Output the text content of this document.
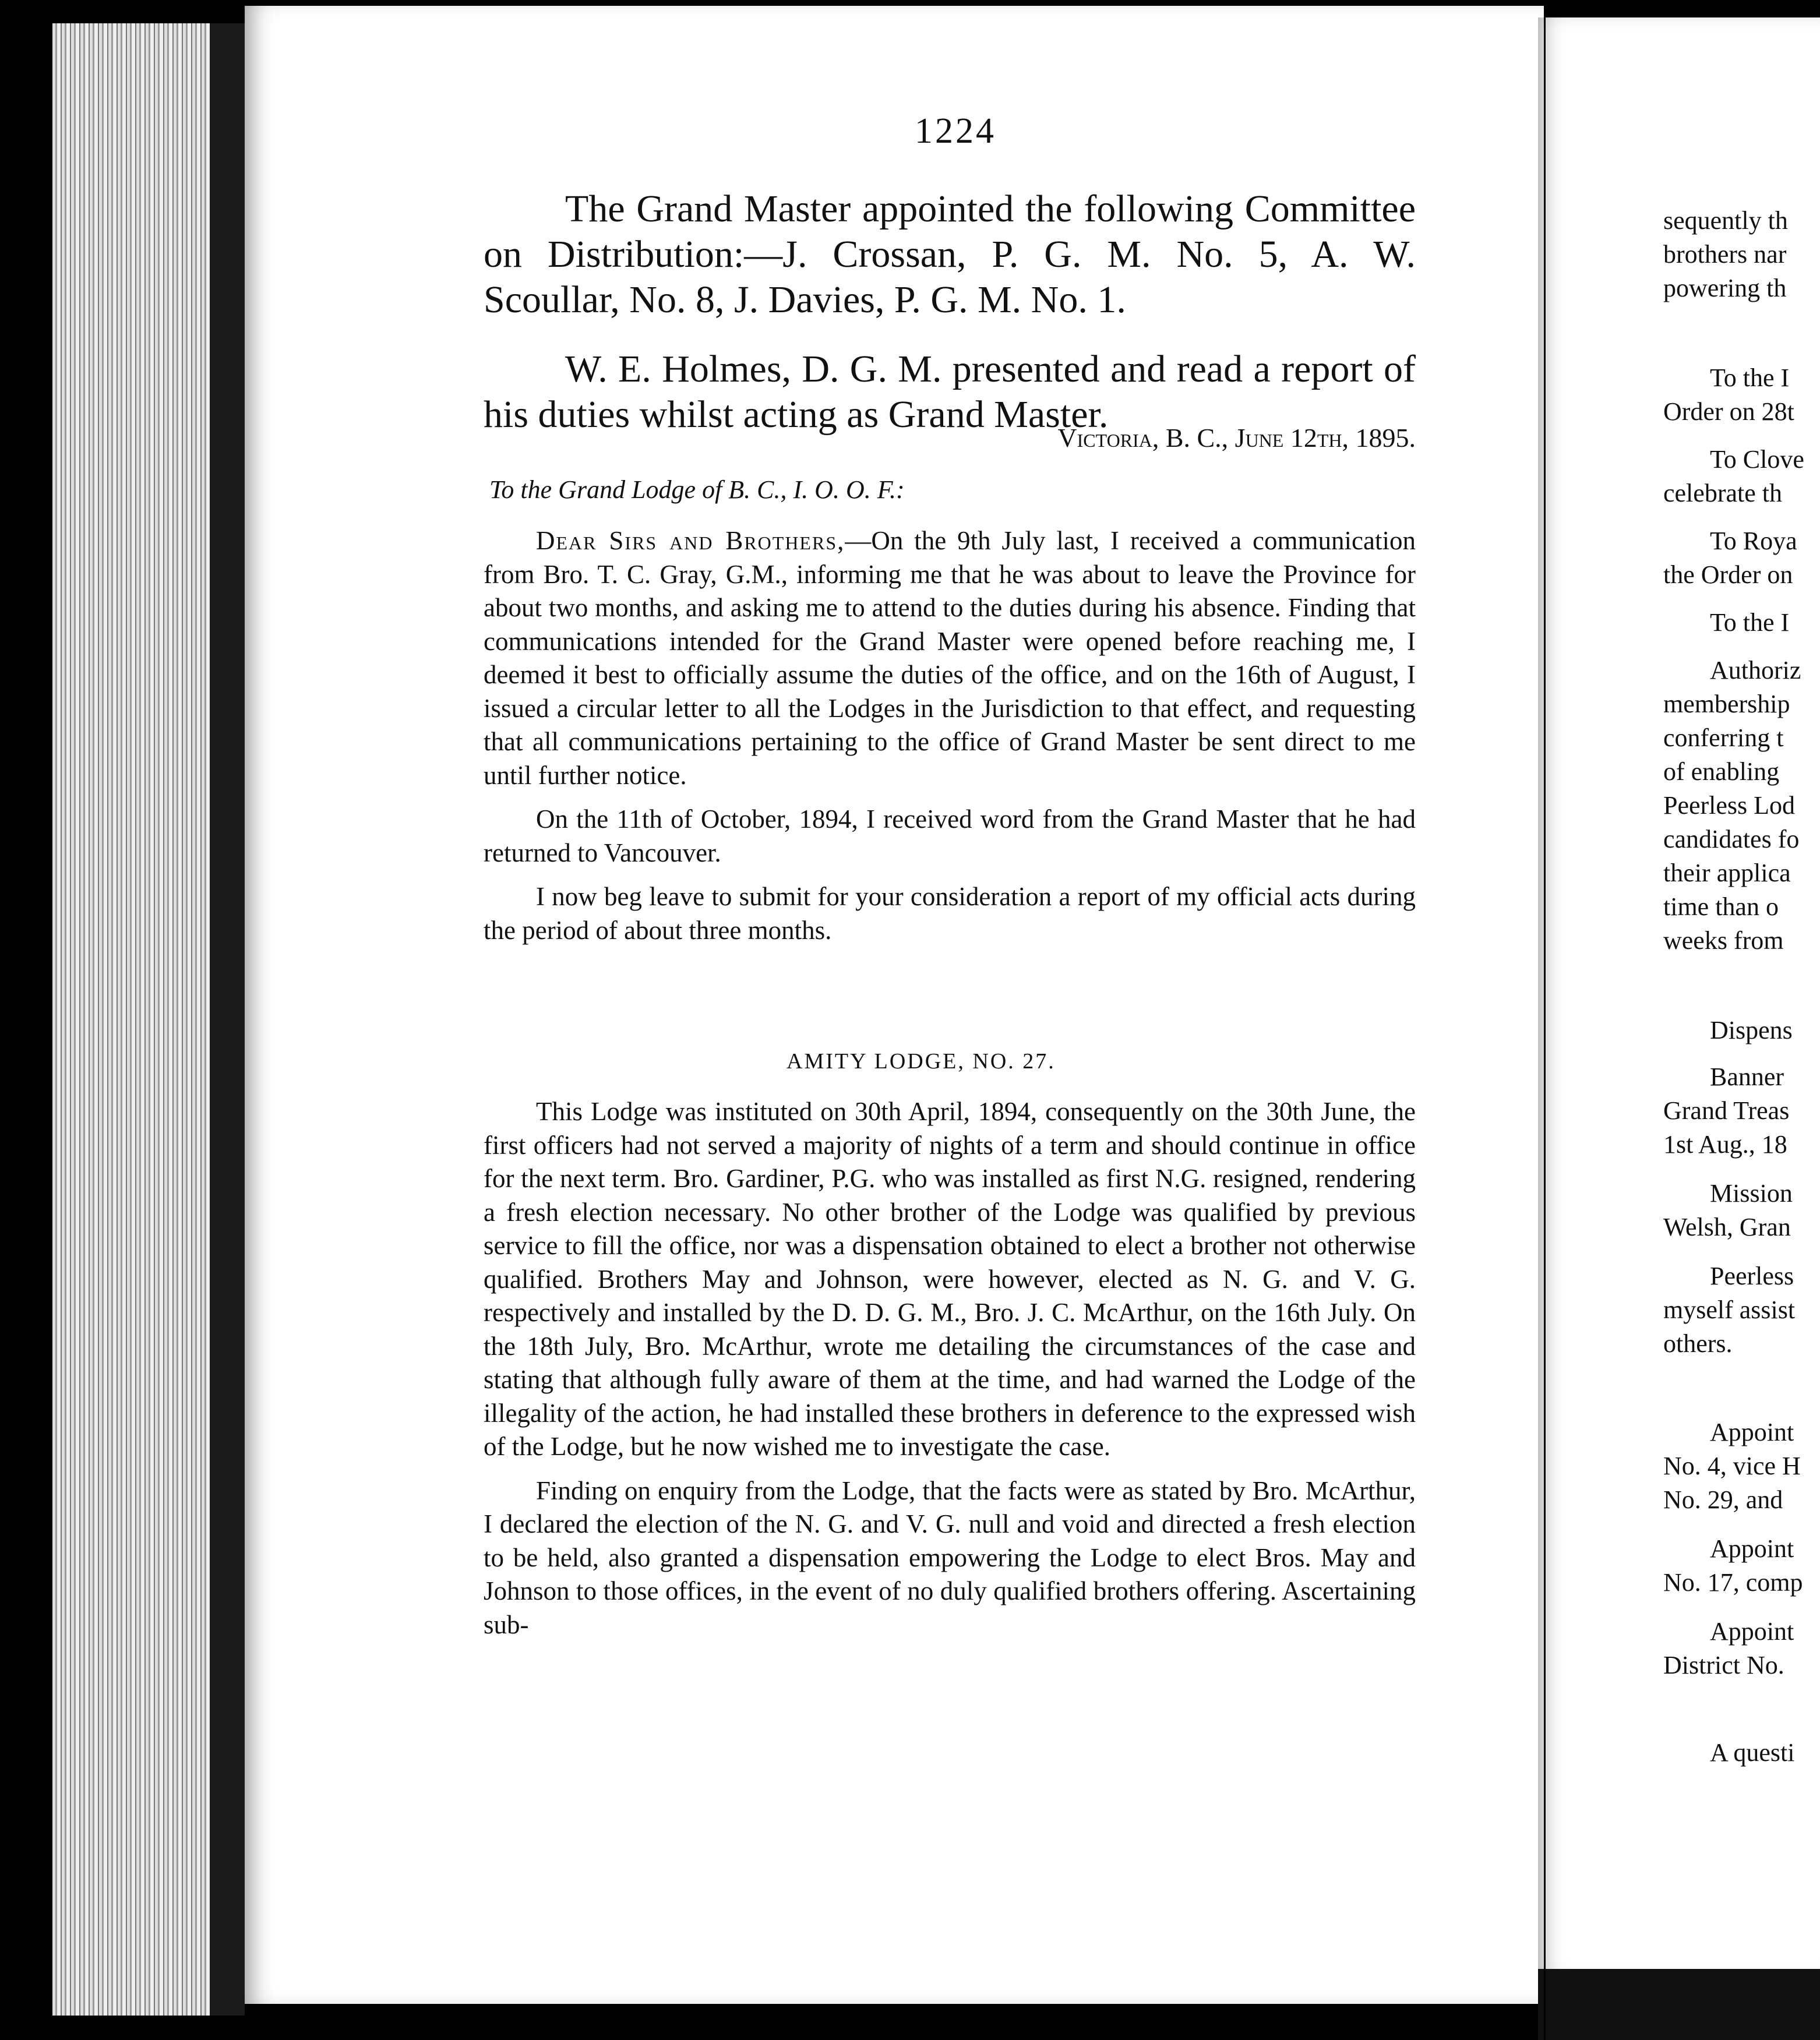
1224
The Grand Master appointed the following Committee on Distribution:—J. Crossan, P. G. M. No. 5, A. W. Scoullar, No. 8, J. Davies, P. G. M. No. 1.
W. E. Holmes, D. G. M. presented and read a report of his duties whilst acting as Grand Master.
Victoria, B. C., June 12th, 1895.
To the Grand Lodge of B. C., I. O. O. F.:

Dear Sirs and Brothers,—On the 9th July last, I received a communication from Bro. T. C. Gray, G.M., informing me that he was about to leave the Province for about two months, and asking me to attend to the duties during his absence. Finding that communications intended for the Grand Master were opened before reaching me, I deemed it best to officially assume the duties of the office, and on the 16th of August, I issued a circular letter to all the Lodges in the Jurisdiction to that effect, and requesting that all communications pertaining to the office of Grand Master be sent direct to me until further notice.

On the 11th of October, 1894, I received word from the Grand Master that he had returned to Vancouver.

I now beg leave to submit for your consideration a report of my official acts during the period of about three months.

AMITY LODGE, NO. 27.

This Lodge was instituted on 30th April, 1894, consequently on the 30th June, the first officers had not served a majority of nights of a term and should continue in office for the next term. Bro. Gardiner, P.G. who was installed as first N.G. resigned, rendering a fresh election necessary. No other brother of the Lodge was qualified by previous service to fill the office, nor was a dispensation obtained to elect a brother not otherwise qualified. Brothers May and Johnson, were however, elected as N. G. and V. G. respectively and installed by the D. D. G. M., Bro. J. C. McArthur, on the 16th July. On the 18th July, Bro. McArthur, wrote me detailing the circumstances of the case and stating that although fully aware of them at the time, and had warned the Lodge of the illegality of the action, he had installed these brothers in deference to the expressed wish of the Lodge, but he now wished me to investigate the case.

Finding on enquiry from the Lodge, that the facts were as stated by Bro. McArthur, I declared the election of the N. G. and V. G. null and void and directed a fresh election to be held, also granted a dispensation empowering the Lodge to elect Bros. May and Johnson to those offices, in the event of no duly qualified brothers offering. Ascertaining sub-

sequently th
brothers nar
powering th
To the I
Order on 28t
To Clove
celebrate th
To Roya
the Order on
To the I
Authoriz
membership
conferring t
of enabling
Peerless Lod
candidates fo
their applica
time than o
weeks from
Dispens
Banner
Grand Treas
1st Aug., 18
Mission
Welsh, Gran
Peerless
myself assist
others.
Appoint
No. 4, vice H
No. 29, and
Appoint
No. 17, comp
Appoint
District No.
A questi
